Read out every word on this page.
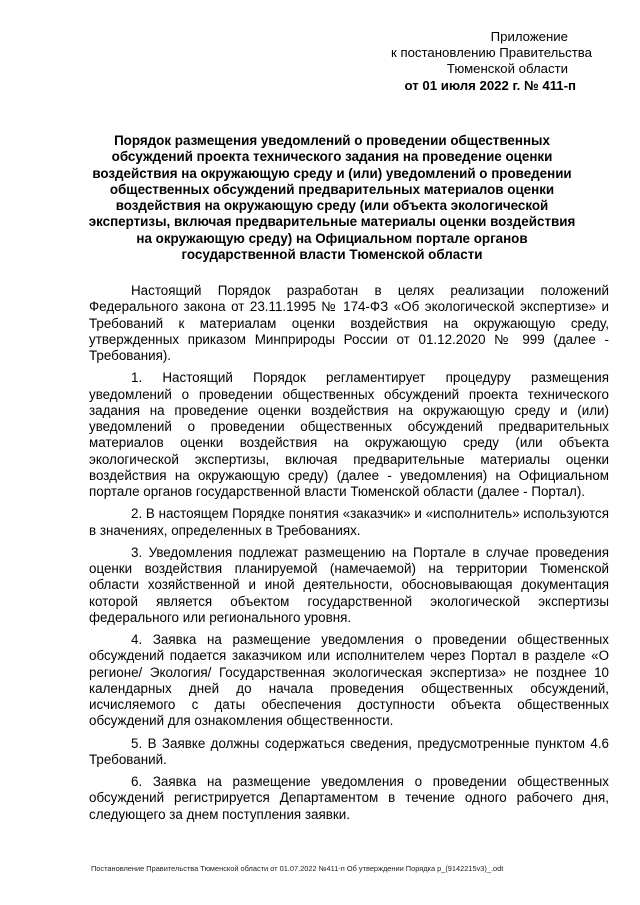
Приложение
к постановлению Правительства
Тюменской области
от 01 июля 2022 г. № 411-п
Порядок размещения уведомлений о проведении общественных обсуждений проекта технического задания на проведение оценки воздействия на окружающую среду и (или) уведомлений о проведении общественных обсуждений предварительных материалов оценки воздействия на окружающую среду (или объекта экологической экспертизы, включая предварительные материалы оценки воздействия на окружающую среду) на Официальном портале органов государственной власти Тюменской области

Настоящий Порядок разработан в целях реализации положений Федерального закона от 23.11.1995 № 174-ФЗ «Об экологической экспертизе» и Требований к материалам оценки воздействия на окружающую среду, утвержденных приказом Минприроды России от 01.12.2020 № 999 (далее - Требования).

1. Настоящий Порядок регламентирует процедуру размещения уведомлений о проведении общественных обсуждений проекта технического задания на проведение оценки воздействия на окружающую среду и (или) уведомлений о проведении общественных обсуждений предварительных материалов оценки воздействия на окружающую среду (или объекта экологической экспертизы, включая предварительные материалы оценки воздействия на окружающую среду) (далее - уведомления) на Официальном портале органов государственной власти Тюменской области (далее - Портал).

2. В настоящем Порядке понятия «заказчик» и «исполнитель» используются в значениях, определенных в Требованиях.

3. Уведомления подлежат размещению на Портале в случае проведения оценки воздействия планируемой (намечаемой) на территории Тюменской области хозяйственной и иной деятельности, обосновывающая документация которой является объектом государственной экологической экспертизы федерального или регионального уровня.

4. Заявка на размещение уведомления о проведении общественных обсуждений подается заказчиком или исполнителем через Портал в разделе «О регионе/ Экология/ Государственная экологическая экспертиза» не позднее 10 календарных дней до начала проведения общественных обсуждений, исчисляемого с даты обеспечения доступности объекта общественных обсуждений для ознакомления общественности.

5. В Заявке должны содержаться сведения, предусмотренные пунктом 4.6 Требований.

6. Заявка на размещение уведомления о проведении общественных обсуждений регистрируется Департаментом в течение одного рабочего дня, следующего за днем поступления заявки.

Постановление Правительства Тюменской области от 01.07.2022 №411-п Об утверждении Порядка р_(9142215v3)_.odt
